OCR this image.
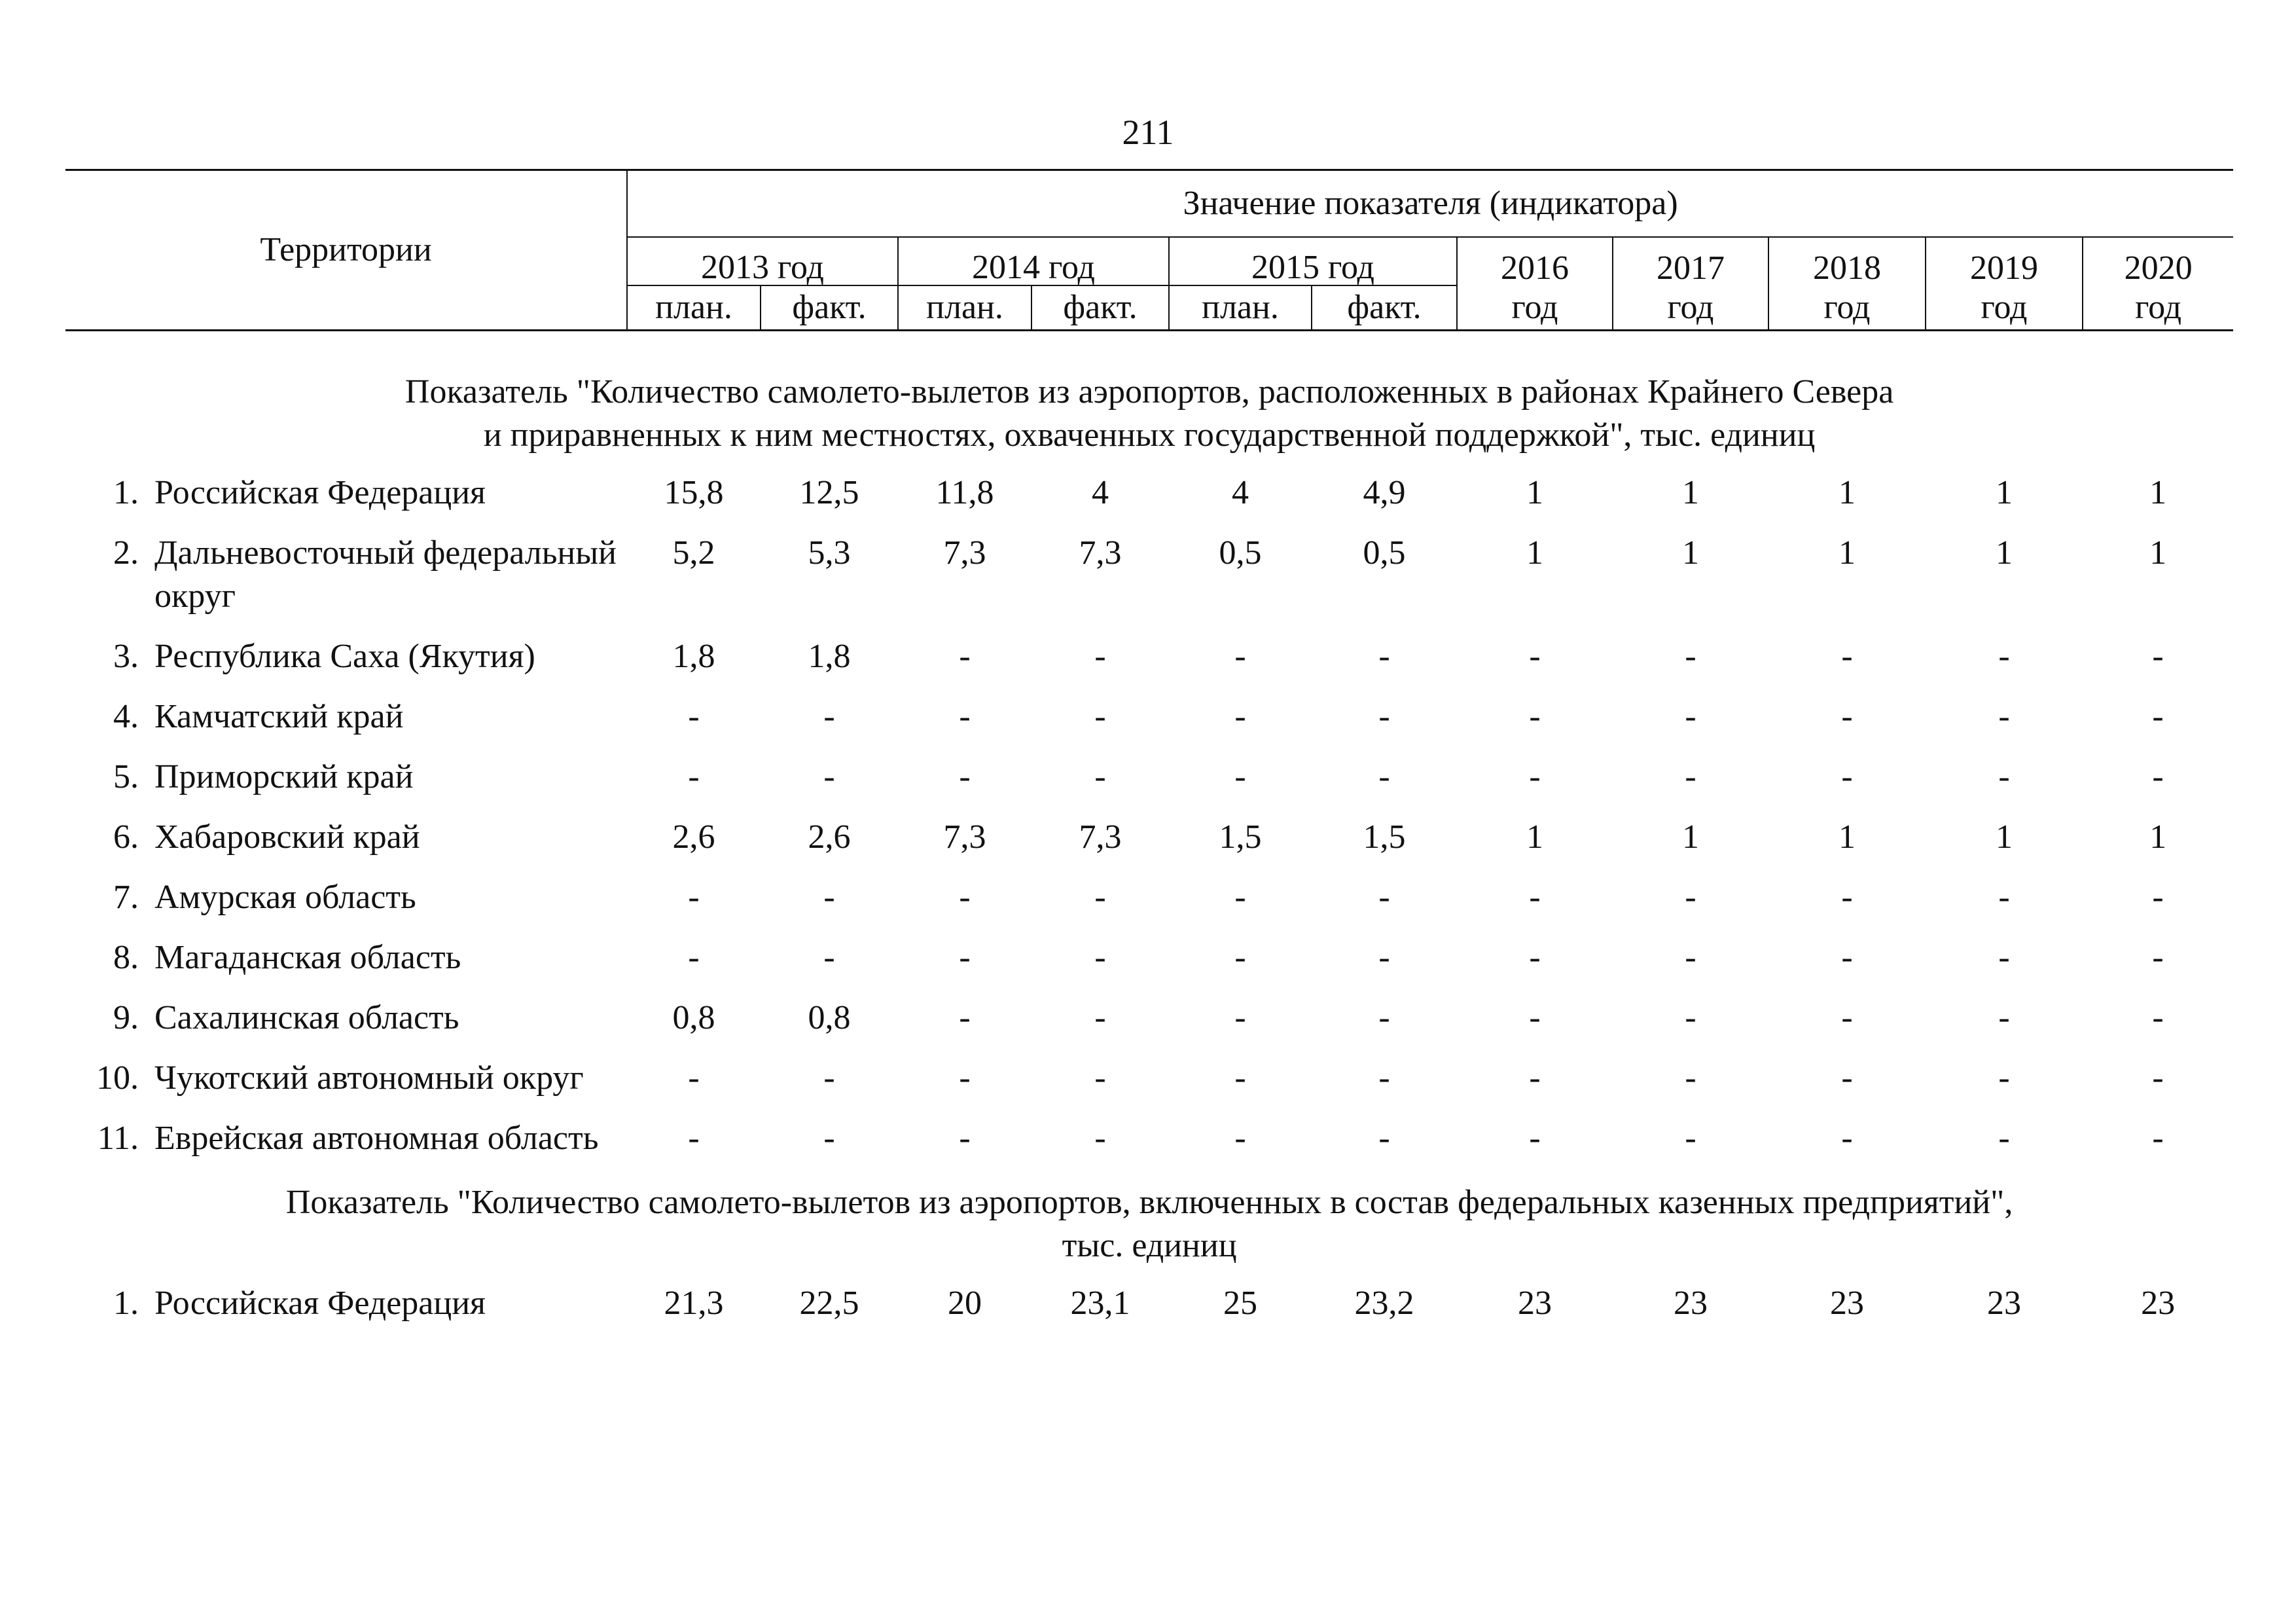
211
Территории		Значение показателя (индикатора)										
		2013 год		2014 год		2015 год		2016	2017	2018	2019	2020
		план.	факт.	план.	факт.	план.	факт.	год	год	год	год	год

Показатель "Количество самолето-вылетов из аэропортов, расположенных в районах Крайнего Севера
и приравненных к ним местностях, охваченных государственной поддержкой", тыс. единиц												

1.	Российская Федерация	15,8	12,5	11,8	4	4	4,9	1	1	1	1	1
2.	Дальневосточный федеральный округ	5,2	5,3	7,3	7,3	0,5	0,5	1	1	1	1	1
3.	Республика Саха (Якутия)	1,8	1,8	-	-	-	-	-	-	-	-	-
4.	Камчатский край	-	-	-	-	-	-	-	-	-	-	-
5.	Приморский край	-	-	-	-	-	-	-	-	-	-	-
6.	Хабаровский край	2,6	2,6	7,3	7,3	1,5	1,5	1	1	1	1	1
7.	Амурская область	-	-	-	-	-	-	-	-	-	-	-
8.	Магаданская область	-	-	-	-	-	-	-	-	-	-	-
9.	Сахалинская область	0,8	0,8	-	-	-	-	-	-	-	-	-
10.	Чукотский автономный округ	-	-	-	-	-	-	-	-	-	-	-
11.	Еврейская автономная область	-	-	-	-	-	-	-	-	-	-	-

Показатель "Количество самолето-вылетов из аэропортов, включенных в состав федеральных казенных предприятий",
тыс. единиц												

1.	Российская Федерация	21,3	22,5	20	23,1	25	23,2	23	23	23	23	23
